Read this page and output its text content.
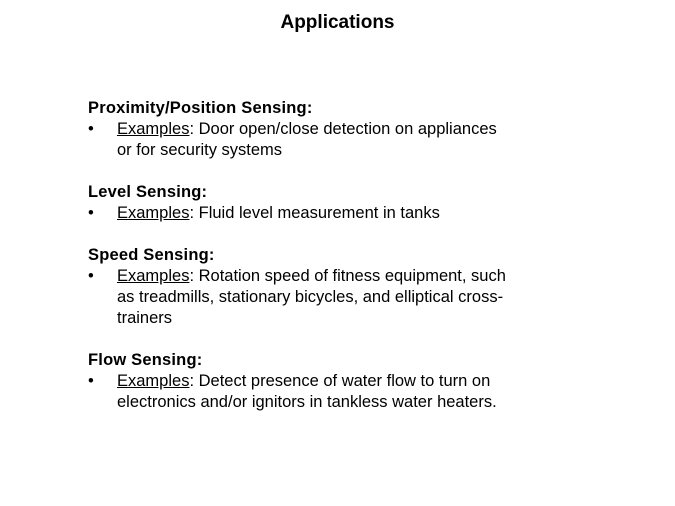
Applications
Proximity/Position Sensing:
•	Examples: Door open/close detection on appliances
or for security systems
Level Sensing:
•	Examples: Fluid level measurement in tanks
Speed Sensing:
•	Examples: Rotation speed of fitness equipment, such
as treadmills, stationary bicycles, and elliptical cross-
trainers
Flow Sensing:
•	Examples: Detect presence of water flow to turn on
electronics and/or ignitors in tankless water heaters.
